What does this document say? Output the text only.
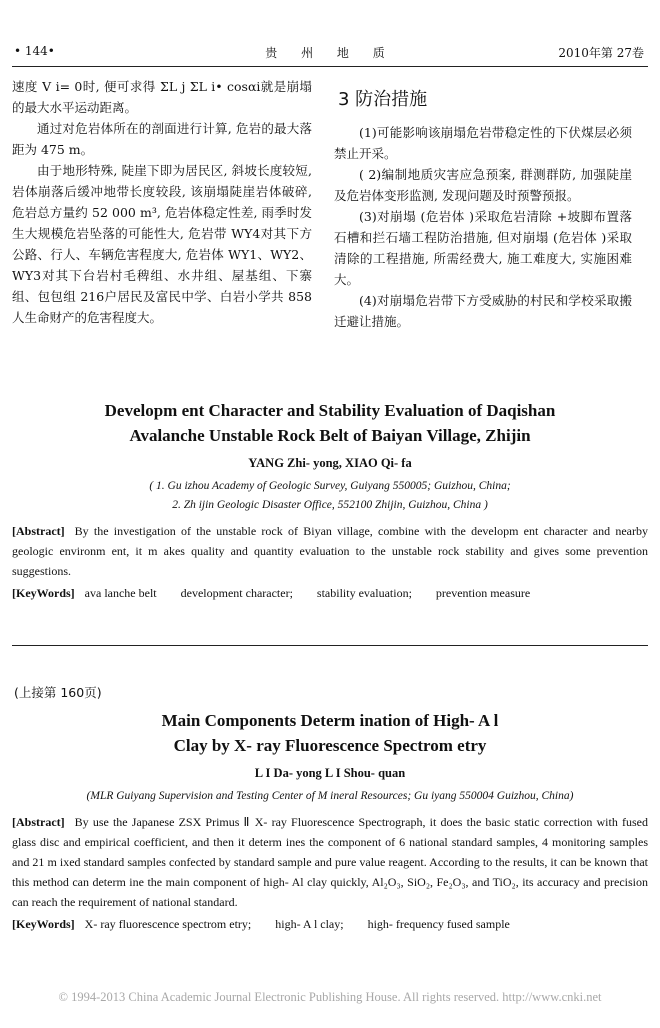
• 144•	贵 州 地 质	2010年第 27卷

速度 V i= 0时, 便可求得 ΣL j ΣL i• cosαi就是崩塌的最大水平运动距离。

通过对危岩体所在的剖面进行计算, 危岩的最大落距为 475 m。

由于地形特殊, 陡崖下即为居民区, 斜坡长度较短, 岩体崩落后缓冲地带长度较段, 该崩塌陡崖岩体破碎, 危岩总方量约 52 000 m³, 危岩体稳定性差, 雨季时发生大规模危岩坠落的可能性大, 危岩带 WY4对其下方公路、行人、车辆危害程度大, 危岩体 WY1、WY2、WY3对其下台岩村毛稗组、水井组、屋基组、下寨组、包包组 216户居民及富民中学、白岩小学共 858人生命财产的危害程度大。

3 防治措施

(1)可能影响该崩塌危岩带稳定性的下伏煤层必须禁止开采。

( 2)编制地质灾害应急预案, 群测群防, 加强陡崖及危岩体变形监测, 发现问题及时预警预报。

(3)对崩塌 (危岩体 )采取危岩清除 +坡脚布置落石槽和拦石墙工程防治措施, 但对崩塌 (危岩体 )采取清除的工程措施, 所需经费大, 施工难度大, 实施困难大。

(4)对崩塌危岩带下方受威胁的村民和学校采取搬迁避让措施。

Developm ent Character and Stability Evaluation of Daqishan
Avalanche Unstable Rock Belt of Baiyan Village, Zhijin
YANG Zhi- yong, XIAO Qi- fa
( 1. Gu izhou Academy of Geologic Survey, Guiyang 550005; Guizhou, China;
2. Zh ijin Geologic Disaster Office, 552100 Zhijin, Guizhou, China )
[Abstract] By the investigation of the unstable rock of Biyan village, combine with the developm ent character and nearby geologic environm ent, it m akes quality and quantity evaluation to the unstable rock stability and gives some prevention suggestions.
[KeyWords] ava lanche belt development character; stability evaluation; prevention measure
(上接第 160页)
Main Components Determ ination of High- A l
Clay by X- ray Fluorescence Spectrom etry
L I Da- yong L I Shou- quan
(MLR Guiyang Supervision and Testing Center of M ineral Resources; Gu iyang 550004 Guizhou, China)
[Abstract] By use the Japanese ZSX Primus Ⅱ X- ray Fluorescence Spectrograph, it does the basic static correction with fused glass disc and empirical coefficient, and then it determ ines the component of 6 national standard samples, 4 monitoring samples and 21 m ixed standard samples confected by standard sample and pure value reagent. According to the results, it can be known that this method can determ ine the main component of high- Al clay quickly, Al₂O₃, SiO₂, Fe₂O₃, and TiO₂, its accuracy and precision can reach the requirement of national standard.
[KeyWords] X- ray fluorescence spectrom etry; high- A l clay; high- frequency fused sample
© 1994-2013 China Academic Journal Electronic Publishing House. All rights reserved. http://www.cnki.net
